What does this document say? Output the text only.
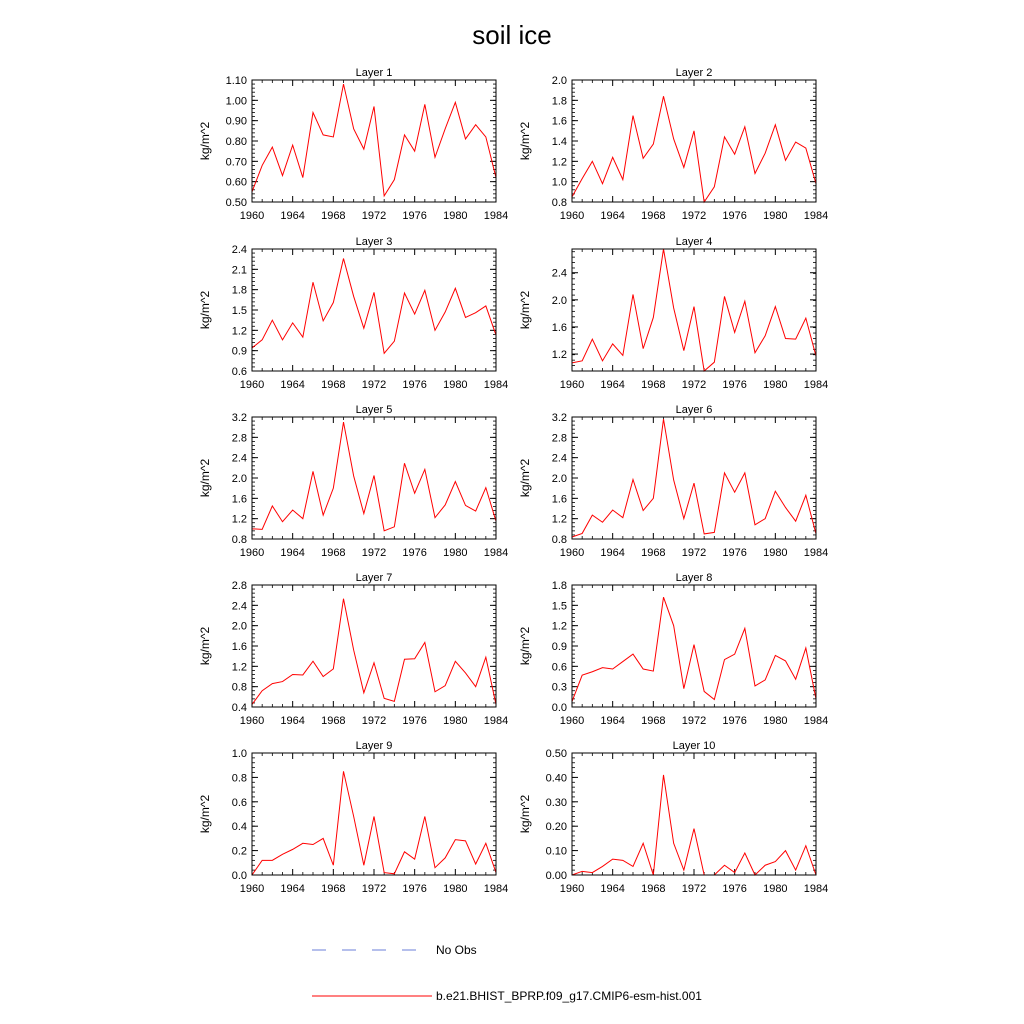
soil ice
Layer 1
kg/m^2
1960 1964 1968 1972 1976 1980 1984
0.50
0.60
0.70
0.80
0.90
1.00
1.10
Layer 2
kg/m^2
1960 1964 1968 1972 1976 1980 1984
0.8
1.0
1.2
1.4
1.6
1.8
2.0
Layer 3
kg/m^2
1960 1964 1968 1972 1976 1980 1984
0.6
0.9
1.2
1.5
1.8
2.1
2.4
Layer 4
kg/m^2
1960 1964 1968 1972 1976 1980 1984
1.2
1.6
2.0
2.4
Layer 5
kg/m^2
1960 1964 1968 1972 1976 1980 1984
0.8
1.2
1.6
2.0
2.4
2.8
3.2
Layer 6
kg/m^2
1960 1964 1968 1972 1976 1980 1984
0.8
1.2
1.6
2.0
2.4
2.8
3.2
Layer 7
kg/m^2
1960 1964 1968 1972 1976 1980 1984
0.4
0.8
1.2
1.6
2.0
2.4
2.8
Layer 8
kg/m^2
1960 1964 1968 1972 1976 1980 1984
0.0
0.3
0.6
0.9
1.2
1.5
1.8
Layer 9
kg/m^2
1960 1964 1968 1972 1976 1980 1984
0.0
0.2
0.4
0.6
0.8
1.0
Layer 10
kg/m^2
1960 1964 1968 1972 1976 1980 1984
0.00
0.10
0.20
0.30
0.40
0.50
No Obs
b.e21.BHIST_BPRP.f09_g17.CMIP6-esm-hist.001
